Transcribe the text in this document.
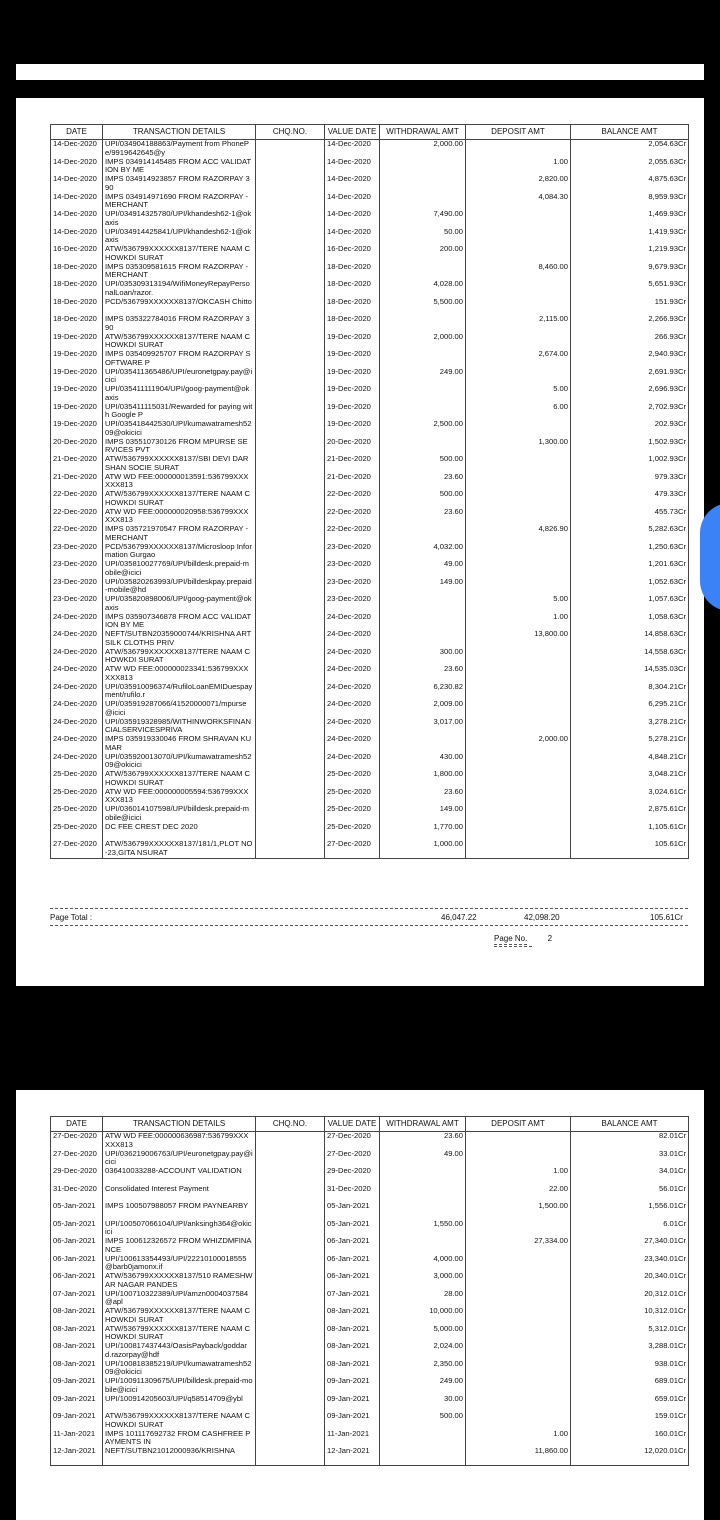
DATE	TRANSACTION DETAILS	CHQ.NO.	VALUE DATE	WITHDRAWAL AMT	DEPOSIT AMT	BALANCE AMT
14-Dec-2020	UPI/034904188863/Payment from PhonePe/9919642645@y		14-Dec-2020	2,000.00		2,054.63Cr
14-Dec-2020	IMPS 034914145485 FROM ACC VALIDATION BY ME		14-Dec-2020		1.00	2,055.63Cr
14-Dec-2020	IMPS 034914923857 FROM RAZORPAY 390		14-Dec-2020		2,820.00	4,875.63Cr
14-Dec-2020	IMPS 034914971690 FROM RAZORPAY - MERCHANT		14-Dec-2020		4,084.30	8,959.93Cr
14-Dec-2020	UPI/034914325780/UPI/khandesh62-1@okaxis		14-Dec-2020	7,490.00		1,469.93Cr
14-Dec-2020	UPI/034914425841/UPI/khandesh62-1@okaxis		14-Dec-2020	50.00		1,419.93Cr
16-Dec-2020	ATW/536799XXXXXX8137/TERE NAAM CHOWKDI SURAT		16-Dec-2020	200.00		1,219.93Cr
18-Dec-2020	IMPS 035309581615 FROM RAZORPAY - MERCHANT		18-Dec-2020		8,460.00	9,679.93Cr
18-Dec-2020	UPI/035309313194/WifiMoneyRepayPersonalLoan/razor.		18-Dec-2020	4,028.00		5,651.93Cr
18-Dec-2020	PCD/536799XXXXXX8137/OKCASH Chitto		18-Dec-2020	5,500.00		151.93Cr
18-Dec-2020	IMPS 035322784016 FROM RAZORPAY 390		18-Dec-2020		2,115.00	2,266.93Cr
19-Dec-2020	ATW/536799XXXXXX8137/TERE NAAM CHOWKDI SURAT		19-Dec-2020	2,000.00		266.93Cr
19-Dec-2020	IMPS 035409925707 FROM RAZORPAY SOFTWARE P		19-Dec-2020		2,674.00	2,940.93Cr
19-Dec-2020	UPI/035411365486/UPI/euronetgpay.pay@icici		19-Dec-2020	249.00		2,691.93Cr
19-Dec-2020	UPI/035411111904/UPI/goog-payment@okaxis		19-Dec-2020		5.00	2,696.93Cr
19-Dec-2020	UPI/035411115031/Rewarded for paying with Google P		19-Dec-2020		6.00	2,702.93Cr
19-Dec-2020	UPI/035418442530/UPI/kumawatramesh5209@okicici		19-Dec-2020	2,500.00		202.93Cr
20-Dec-2020	IMPS 035510730126 FROM MPURSE SERVICES PVT		20-Dec-2020		1,300.00	1,502.93Cr
21-Dec-2020	ATW/536799XXXXXX8137/SBI DEVI DARSHAN SOCIE SURAT		21-Dec-2020	500.00		1,002.93Cr
21-Dec-2020	ATW WD FEE:000000013591:536799XXXXXX813		21-Dec-2020	23.60		979.33Cr
22-Dec-2020	ATW/536799XXXXXX8137/TERE NAAM CHOWKDI SURAT		22-Dec-2020	500.00		479.33Cr
22-Dec-2020	ATW WD FEE:000000020958:536799XXXXXX813		22-Dec-2020	23.60		455.73Cr
22-Dec-2020	IMPS 035721970547 FROM RAZORPAY - MERCHANT		22-Dec-2020		4,826.90	5,282.63Cr
23-Dec-2020	PCD/536799XXXXXX8137/Microsloop Information Gurgao		23-Dec-2020	4,032.00		1,250.63Cr
23-Dec-2020	UPI/035810027769/UPI/billdesk.prepaid-mobile@icici		23-Dec-2020	49.00		1,201.63Cr
23-Dec-2020	UPI/035820263993/UPI/billdeskpay.prepaid-mobile@hd		23-Dec-2020	149.00		1,052.63Cr
23-Dec-2020	UPI/035820898006/UPI/goog-payment@okaxis		23-Dec-2020		5.00	1,057.63Cr
24-Dec-2020	IMPS 035907346878 FROM ACC VALIDATION BY ME		24-Dec-2020		1.00	1,058.63Cr
24-Dec-2020	NEFT/SUTBN20359000744/KRISHNA ART SILK CLOTHS PRIV		24-Dec-2020		13,800.00	14,858.63Cr
24-Dec-2020	ATW/536799XXXXXX8137/TERE NAAM CHOWKDI SURAT		24-Dec-2020	300.00		14,558.63Cr
24-Dec-2020	ATW WD FEE:000000023341:536799XXXXXX813		24-Dec-2020	23.60		14,535.03Cr
24-Dec-2020	UPI/035910096374/RufiloLoanEMIDuespayment/rufilo.r		24-Dec-2020	6,230.82		8,304.21Cr
24-Dec-2020	UPI/035919287066/41520000071/mpurse@icici		24-Dec-2020	2,009.00		6,295.21Cr
24-Dec-2020	UPI/035919328985/WITHINWORKSFINANCIALSERVICESPRIVA		24-Dec-2020	3,017.00		3,278.21Cr
24-Dec-2020	IMPS 035919330046 FROM SHRAVAN KUMAR		24-Dec-2020		2,000.00	5,278.21Cr
24-Dec-2020	UPI/035920013070/UPI/kumawatramesh5209@okicici		24-Dec-2020	430.00		4,848.21Cr
25-Dec-2020	ATW/536799XXXXXX8137/TERE NAAM CHOWKDI SURAT		25-Dec-2020	1,800.00		3,048.21Cr
25-Dec-2020	ATW WD FEE:000000005594:536799XXXXXX813		25-Dec-2020	23.60		3,024.61Cr
25-Dec-2020	UPI/036014107598/UPI/billdesk.prepaid-mobile@icici		25-Dec-2020	149.00		2,875.61Cr
25-Dec-2020	DC FEE CREST DEC 2020		25-Dec-2020	1,770.00		1,105.61Cr
27-Dec-2020	ATW/536799XXXXXX8137/181/1,PLOT NO-23,GITA NSURAT		27-Dec-2020	1,000.00		105.61Cr
Page Total :	46,047.22	42,098.20	105.61Cr
Page No.	2
DATE	TRANSACTION DETAILS	CHQ.NO.	VALUE DATE	WITHDRAWAL AMT	DEPOSIT AMT	BALANCE AMT
27-Dec-2020	ATW WD FEE:000000636987:536799XXXXXX813		27-Dec-2020	23.60		82.01Cr
27-Dec-2020	UPI/036219006763/UPI/euronetgpay.pay@icici		27-Dec-2020	49.00		33.01Cr
29-Dec-2020	036410033288-ACCOUNT VALIDATION		29-Dec-2020		1.00	34.01Cr
31-Dec-2020	Consolidated Interest Payment		31-Dec-2020		22.00	56.01Cr
05-Jan-2021	IMPS 100507988057 FROM PAYNEARBY		05-Jan-2021		1,500.00	1,556.01Cr
05-Jan-2021	UPI/100507066104/UPI/anksingh364@okicici		05-Jan-2021	1,550.00		6.01Cr
06-Jan-2021	IMPS 100612326572 FROM WHIZDMFINANCE		06-Jan-2021		27,334.00	27,340.01Cr
06-Jan-2021	UPI/100613354493/UPI/22210100018555@barb0jamonx.if		06-Jan-2021	4,000.00		23,340.01Cr
06-Jan-2021	ATW/536799XXXXXX8137/510 RAMESHWAR NAGAR PANDES		06-Jan-2021	3,000.00		20,340.01Cr
07-Jan-2021	UPI/100710322389/UPI/amzn0004037584@apl		07-Jan-2021	28.00		20,312.01Cr
08-Jan-2021	ATW/536799XXXXXX8137/TERE NAAM CHOWKDI SURAT		08-Jan-2021	10,000.00		10,312.01Cr
08-Jan-2021	ATW/536799XXXXXX8137/TERE NAAM CHOWKDI SURAT		08-Jan-2021	5,000.00		5,312.01Cr
08-Jan-2021	UPI/100817437443/OasisPayback/goddard.razorpay@hdf		08-Jan-2021	2,024.00		3,288.01Cr
08-Jan-2021	UPI/100818385219/UPI/kumawatramesh5209@okicici		08-Jan-2021	2,350.00		938.01Cr
09-Jan-2021	UPI/100911309675/UPI/billdesk.prepaid-mobile@icici		09-Jan-2021	249.00		689.01Cr
09-Jan-2021	UPI/100914205603/UPI/q58514709@ybl		09-Jan-2021	30.00		659.01Cr
09-Jan-2021	ATW/536799XXXXXX8137/TERE NAAM CHOWKDI SURAT		09-Jan-2021	500.00		159.01Cr
11-Jan-2021	IMPS 101117692732 FROM CASHFREE PAYMENTS IN		11-Jan-2021		1.00	160.01Cr
12-Jan-2021	NEFT/SUTBN21012000936/KRISHNA		12-Jan-2021		11,860.00	12,020.01Cr
